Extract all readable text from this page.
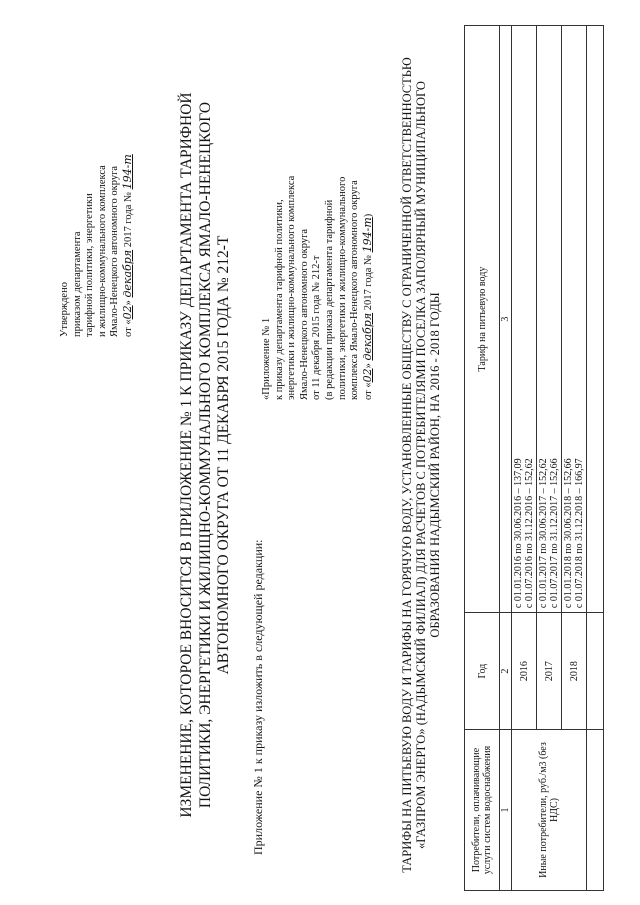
Утверждено приказом департамента тарифной политики, энергетики и жилищно-коммунального комплекса Ямало-Ненецкого автономного округа от «02» декабря 2017 года № 194-т	ИЗМЕНЕНИЕ, КОТОРОЕ ВНОСИТСЯ В ПРИЛОЖЕНИЕ № 1 К ПРИКАЗУ ДЕПАРТАМЕНТА ТАРИФНОЙ ПОЛИТИКИ, ЭНЕРГЕТИКИ И ЖИЛИЩНО-КОММУНАЛЬНОГО КОМПЛЕКСА ЯМАЛО-НЕНЕЦКОГО АВТОНОМНОГО ОКРУГА ОТ 11 ДЕКАБРЯ 2015 ГОДА № 212-Т
Приложение № 1 к приказу изложить в следующей редакции:
«Приложение № 1 к приказу департамента тарифной политики, энергетики и жилищно-коммунального комплекса Ямало-Ненецкого автономного округа от 11 декабря 2015 года № 212-т (в редакции приказа департамента тарифной политики, энергетики и жилищно-коммунального комплекса Ямало-Ненецкого автономного округа от «02» декабря 2017 года № 194-т) ТАРИФЫ НА ПИТЬЕВУЮ ВОДУ И ТАРИФЫ НА ГОРЯЧУЮ ВОДУ, УСТАНОВЛЕННЫЕ ОБЩЕСТВУ С ОГРАНИЧЕННОЙ ОТВЕТСТВЕННОСТЬЮ «ГАЗПРОМ ЭНЕРГО» (НАДЫМСКИЙ ФИЛИАЛ) ДЛЯ РАСЧЕТОВ С ПОТРЕБИТЕЛЯМИ ПОСЕЛКА ЗАПОЛЯРНЫЙ МУНИЦИПАЛЬНОГО ОБРАЗОВАНИЯ НАДЫМСКИЙ РАЙОН, НА 2016 - 2018 ГОДЫ
Потребители, оплачивающие услуги систем водоснабжения	Год	Тариф на питьевую воду
1	2	3
Иные потребители, руб./м3 (без НДС)	2016	с 01.01.2016 по 30.06.2016 – 137,09 с 01.07.2016 по 31.12.2016 – 152,62

	2017	с 01.01.2017 по 30.06.2017 – 152,62 с 01.07.2017 по 31.12.2017 – 152,66

	2018	с 01.01.2018 по 30.06.2018 – 152,66 с 01.07.2018 по 31.12.2018 – 166,97
